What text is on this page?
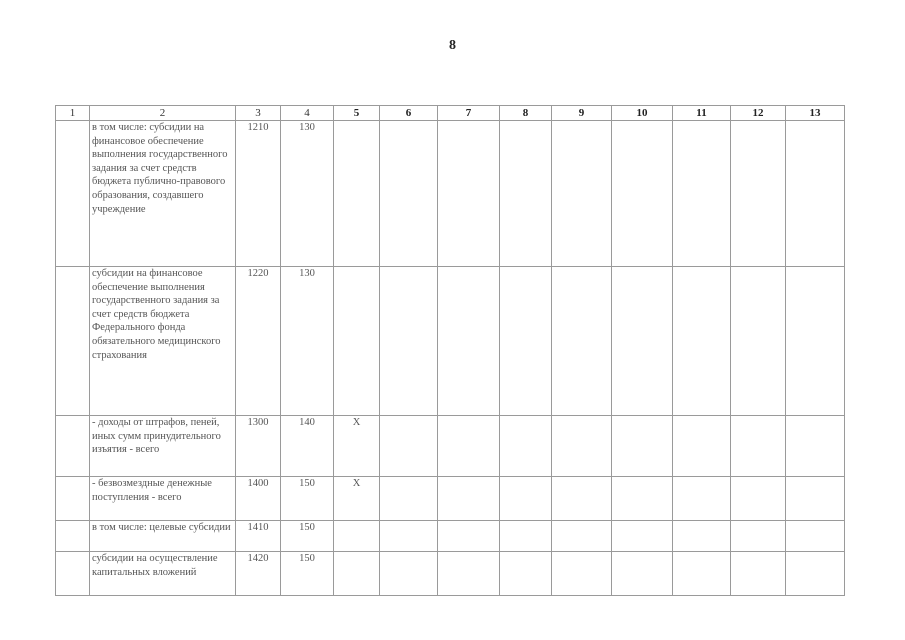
8
1	2	3	4	5	6	7	8	9	10	11	12	13
	в том числе: субсидии на финансовое обеспечение выполнения государственного задания за счет средств бюджета публично-правового образования, создавшего учреждение	1210	130									
	субсидии на финансовое обеспечение выполнения государственного задания за счет средств бюджета Федерального фонда обязательного медицинского страхования	1220	130									
	- доходы от штрафов, пеней, иных сумм принудительного изъятия - всего	1300	140	Х								
	- безвозмездные денежные поступления - всего	1400	150	Х								
	в том числе: целевые субсидии	1410	150									
	субсидии на осуществление капитальных вложений	1420	150									
